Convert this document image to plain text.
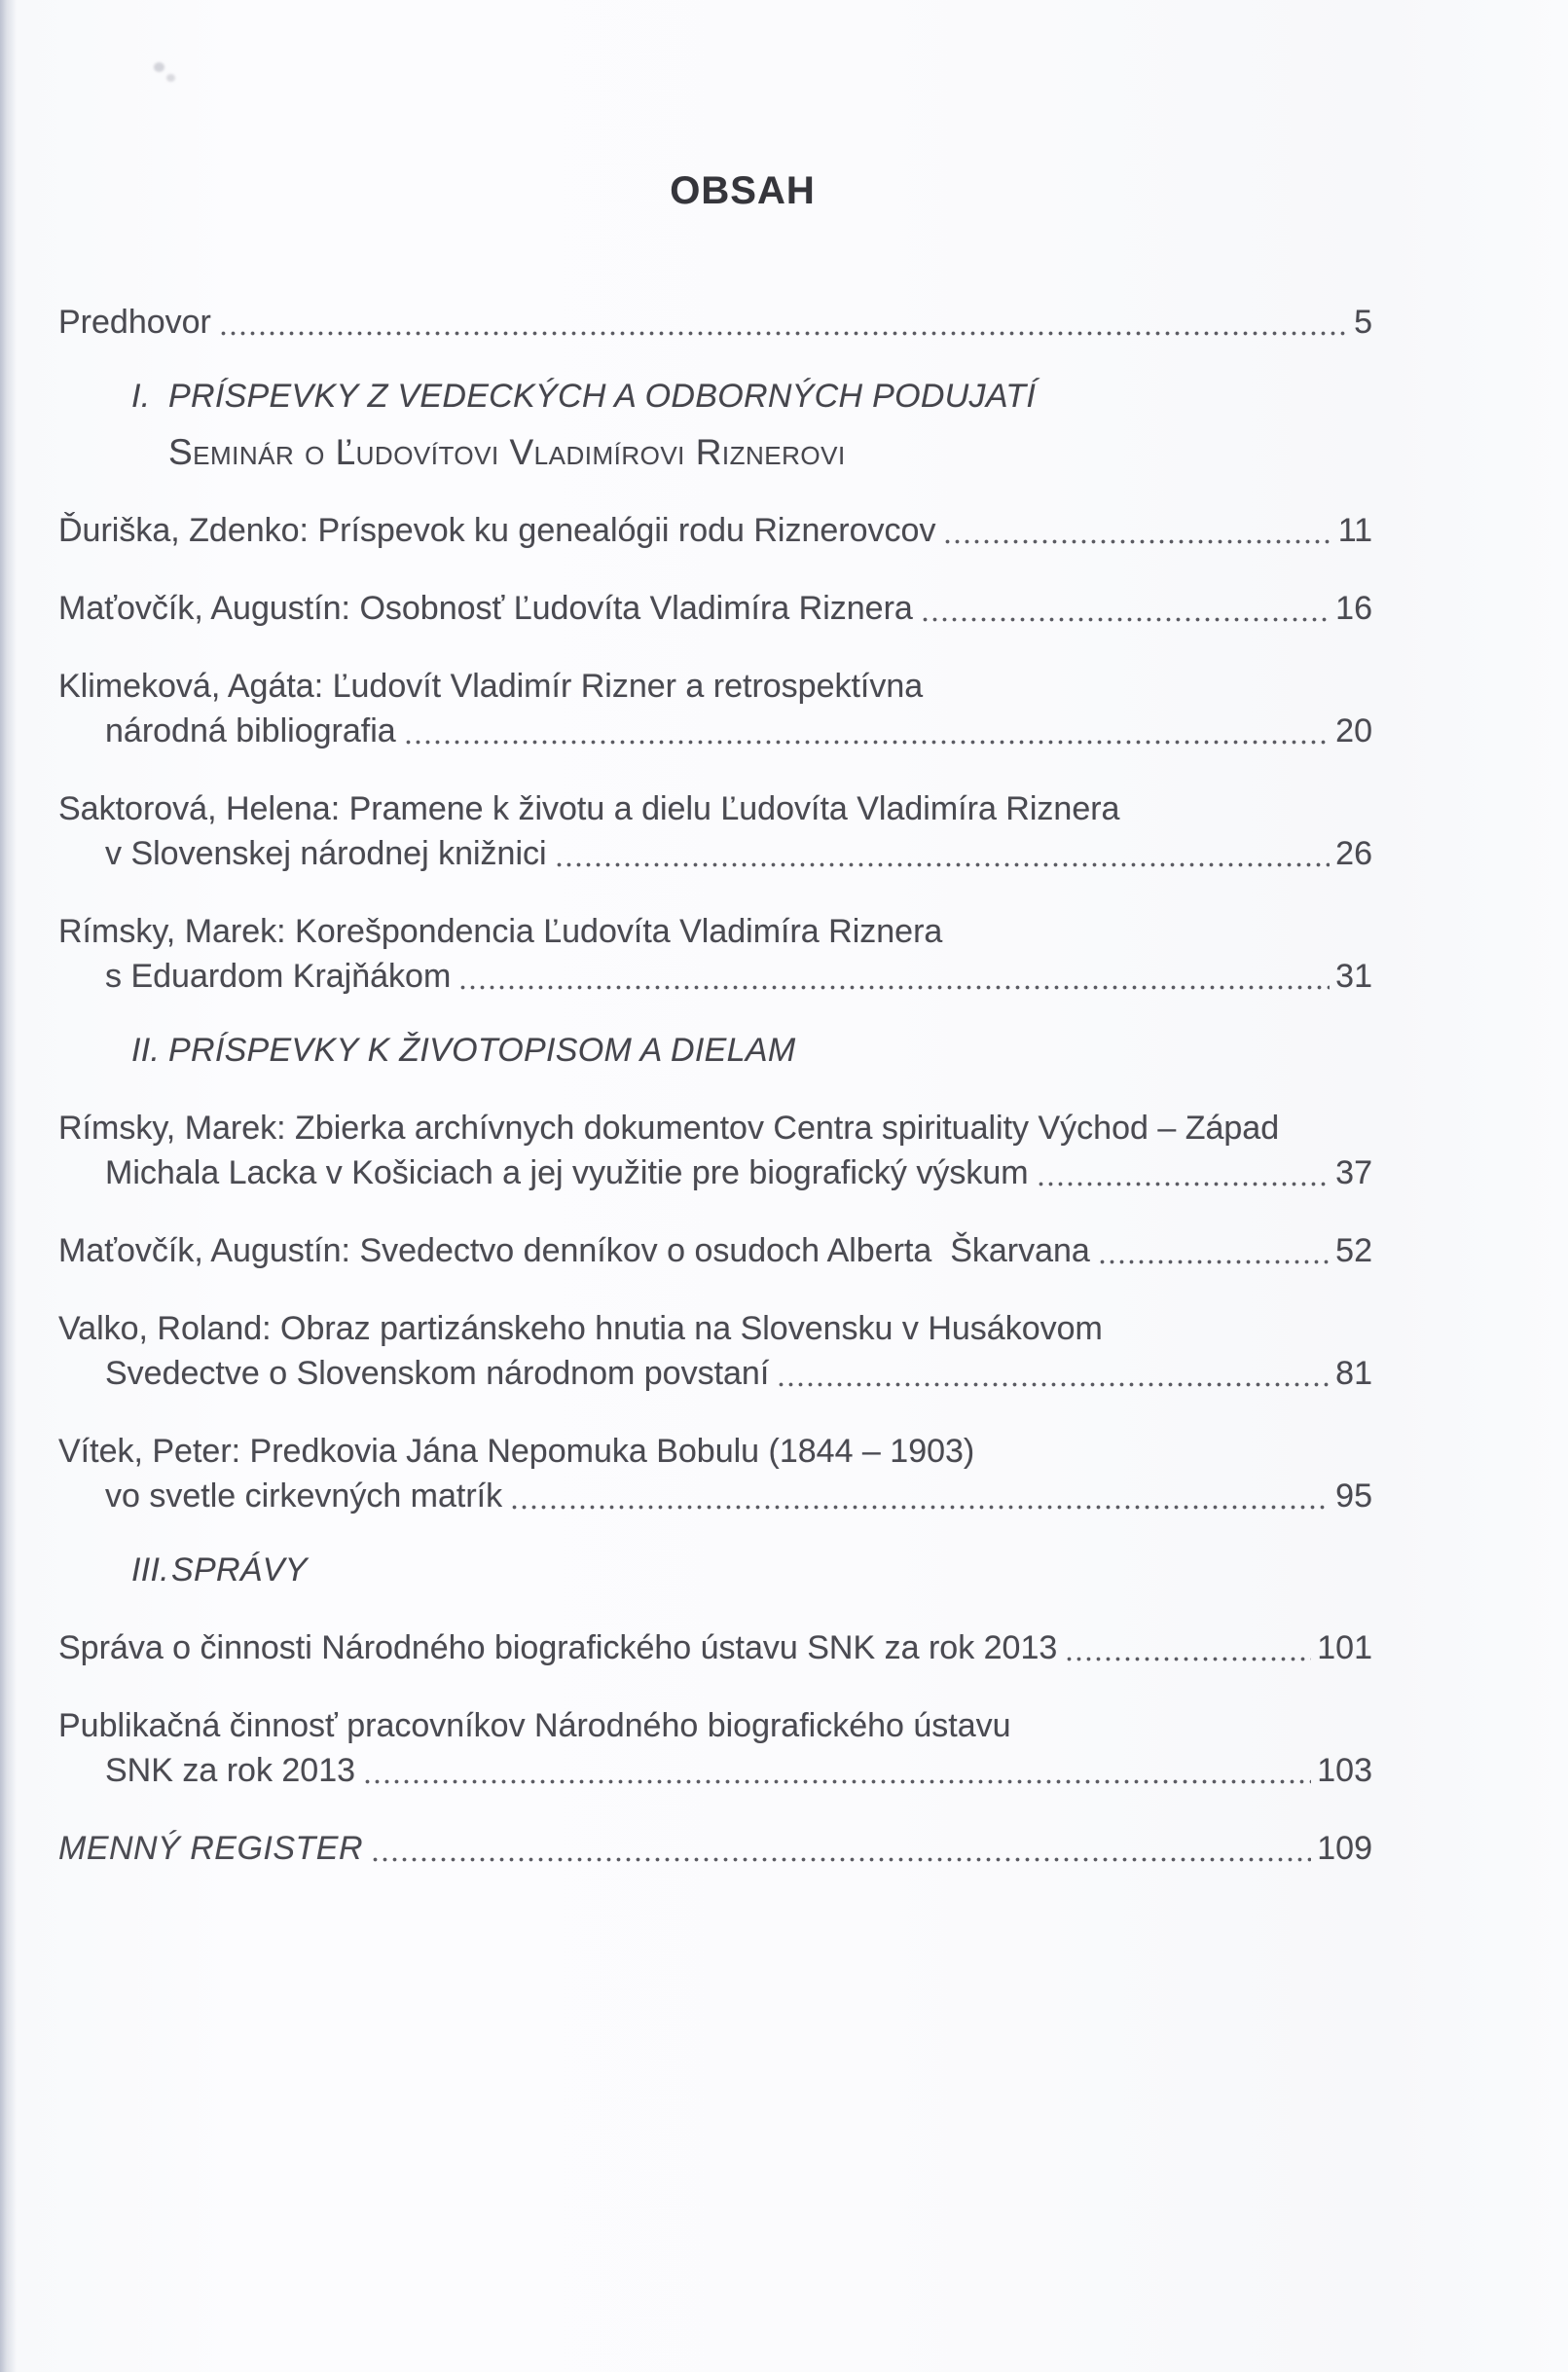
OBSAH
Predhovor	5
I. PRÍSPEVKY Z VEDECKÝCH A ODBORNÝCH PODUJATÍ
Seminár o Ľudovítovi Vladimírovi Riznerovi
Ďuriška, Zdenko: Príspevok ku genealógii rodu Riznerovcov	11
Maťovčík, Augustín: Osobnosť Ľudovíta Vladimíra Riznera	16
Klimeková, Agáta: Ľudovít Vladimír Rizner a retrospektívna
národná bibliografia	20
Saktorová, Helena: Pramene k životu a dielu Ľudovíta Vladimíra Riznera
v Slovenskej národnej knižnici	26
Rímsky, Marek: Korešpondencia Ľudovíta Vladimíra Riznera
s Eduardom Krajňákom	31
II. PRÍSPEVKY K ŽIVOTOPISOM A DIELAM
Rímsky, Marek: Zbierka archívnych dokumentov Centra spirituality Východ – Západ
Michala Lacka v Košiciach a jej využitie pre biografický výskum	37
Maťovčík, Augustín: Svedectvo denníkov o osudoch Alberta  Škarvana	52
Valko, Roland: Obraz partizánskeho hnutia na Slovensku v Husákovom
Svedectve o Slovenskom národnom povstaní	81
Vítek, Peter: Predkovia Jána Nepomuka Bobulu (1844 – 1903)
vo svetle cirkevných matrík	95
III.SPRÁVY
Správa o činnosti Národného biografického ústavu SNK za rok 2013	101
Publikačná činnosť pracovníkov Národného biografického ústavu
SNK za rok 2013	103
MENNÝ REGISTER	109
